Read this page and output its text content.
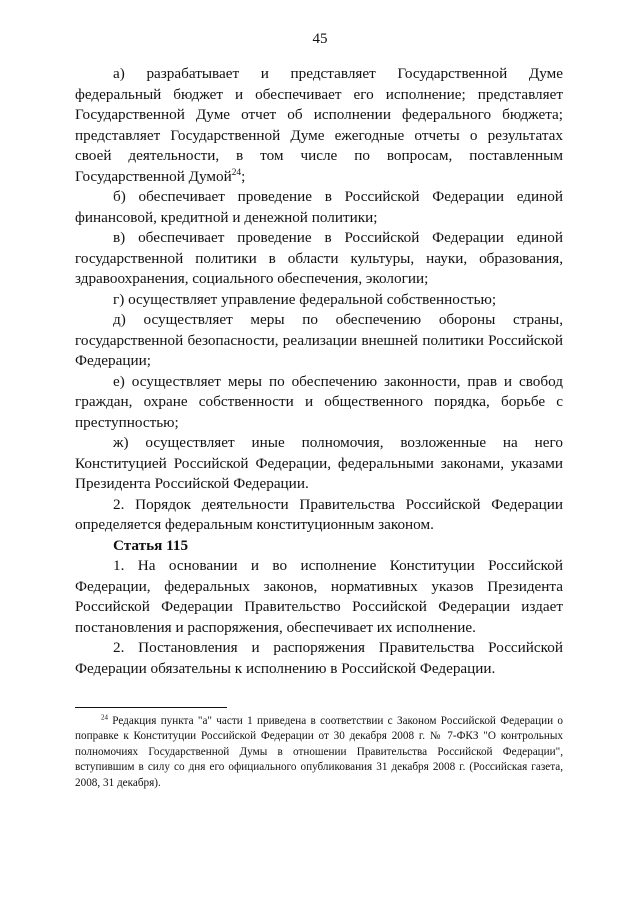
45

а) разрабатывает и представляет Государственной Думе федеральный бюджет и обеспечивает его исполнение; представляет Государственной Думе отчет об исполнении федерального бюджета; представляет Государственной Думе ежегодные отчеты о результатах своей деятельности, в том числе по вопросам, поставленным Государственной Думой$^{24}$;

б) обеспечивает проведение в Российской Федерации единой финансовой, кредитной и денежной политики;

в) обеспечивает проведение в Российской Федерации единой государственной политики в области культуры, науки, образования, здравоохранения, социального обеспечения, экологии;

г) осуществляет управление федеральной собственностью;

д) осуществляет меры по обеспечению обороны страны, государственной безопасности, реализации внешней политики Российской Федерации;

е) осуществляет меры по обеспечению законности, прав и свобод граждан, охране собственности и общественного порядка, борьбе с преступностью;

ж) осуществляет иные полномочия, возложенные на него Конституцией Российской Федерации, федеральными законами, указами Президента Российской Федерации.

2. Порядок деятельности Правительства Российской Федерации определяется федеральным конституционным законом.

Статья 115

1. На основании и во исполнение Конституции Российской Федерации, федеральных законов, нормативных указов Президента Российской Федерации Правительство Российской Федерации издает постановления и распоряжения, обеспечивает их исполнение.

2. Постановления и распоряжения Правительства Российской Федерации обязательны к исполнению в Российской Федерации.

$^{24}$ Редакция пункта "а" части 1 приведена в соответствии с Законом Российской Федерации о поправке к Конституции Российской Федерации от 30 декабря 2008 г. № 7-ФКЗ "О контрольных полномочиях Государственной Думы в отношении Правительства Российской Федерации", вступившим в силу со дня его официального опубликования 31 декабря 2008 г. (Российская газета, 2008, 31 декабря).
